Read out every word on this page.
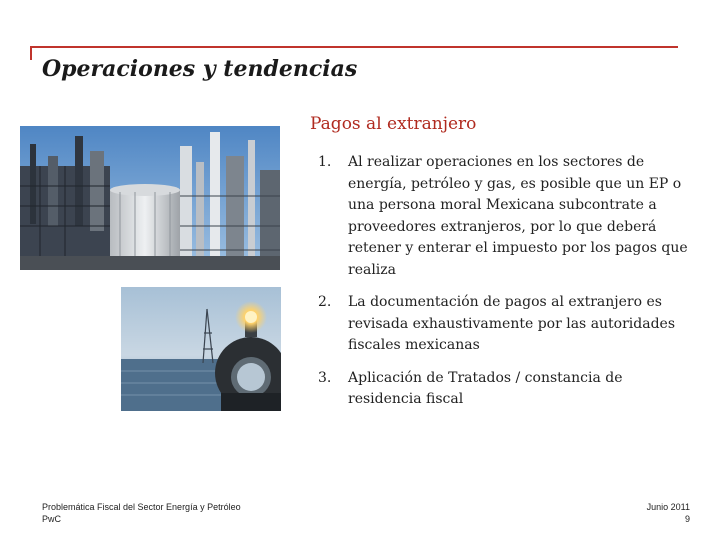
Operaciones y tendencias
Pagos al extranjero
1. Al realizar operaciones en los sectores de energía, petróleo y gas, es posible que un EP o una persona moral Mexicana subcontrate a proveedores extranjeros, por lo que deberá retener y enterar el impuesto por los pagos que realiza
2. La documentación de pagos al extranjero es revisada exhaustivamente por las autoridades fiscales mexicanas
3. Aplicación de Tratados / constancia de residencia fiscal
Problemática Fiscal del Sector Energía y Petróleo
PwC
Junio 2011
9
